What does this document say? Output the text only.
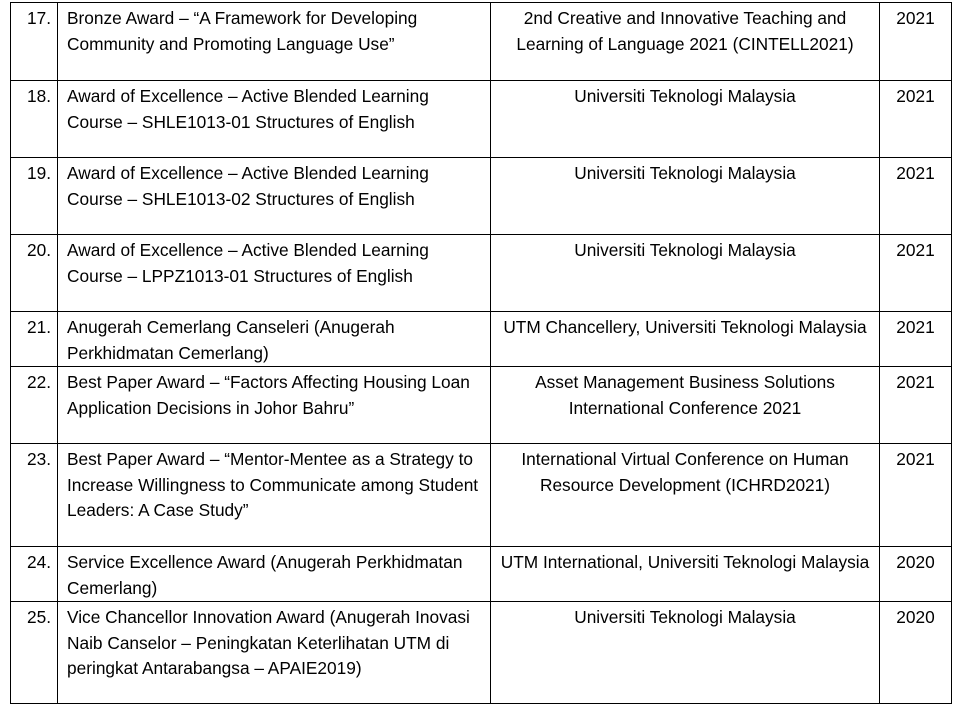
17.	Bronze Award – “A Framework for Developing Community and Promoting Language Use”	2nd Creative and Innovative Teaching and Learning of Language 2021 (CINTELL2021)	2021
18.	Award of Excellence – Active Blended Learning Course – SHLE1013-01 Structures of English	Universiti Teknologi Malaysia	2021
19.	Award of Excellence – Active Blended Learning Course – SHLE1013-02 Structures of English	Universiti Teknologi Malaysia	2021
20.	Award of Excellence – Active Blended Learning Course – LPPZ1013-01 Structures of English	Universiti Teknologi Malaysia	2021
21.	Anugerah Cemerlang Canseleri (Anugerah Perkhidmatan Cemerlang)	UTM Chancellery, Universiti Teknologi Malaysia	2021
22.	Best Paper Award – “Factors Affecting Housing Loan Application Decisions in Johor Bahru”	Asset Management Business Solutions International Conference 2021	2021
23.	Best Paper Award – “Mentor-Mentee as a Strategy to Increase Willingness to Communicate among Student Leaders: A Case Study”	International Virtual Conference on Human Resource Development (ICHRD2021)	2021
24.	Service Excellence Award (Anugerah Perkhidmatan Cemerlang)	UTM International, Universiti Teknologi Malaysia	2020
25.	Vice Chancellor Innovation Award (Anugerah Inovasi Naib Canselor – Peningkatan Keterlihatan UTM di peringkat Antarabangsa – APAIE2019)	Universiti Teknologi Malaysia	2020
